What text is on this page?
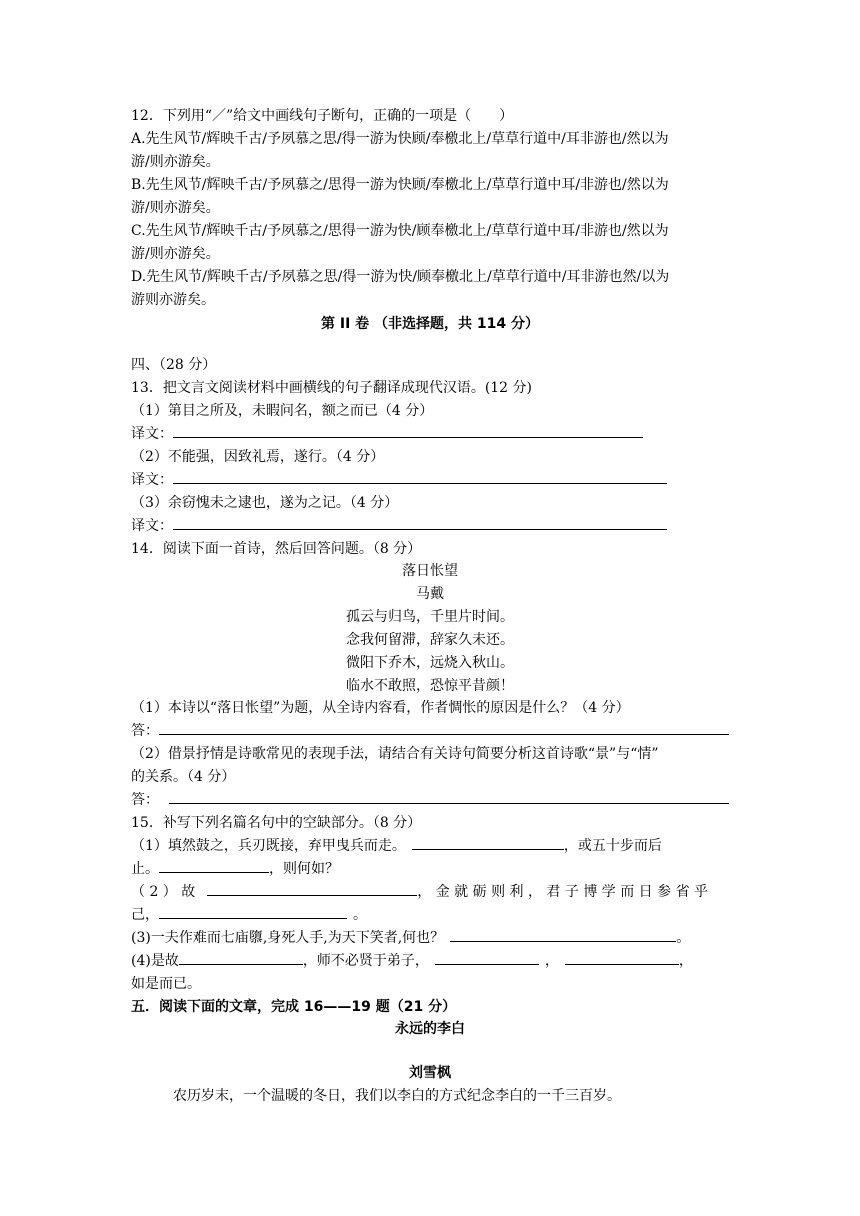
12．下列用“／”给文中画线句子断句，正确的一项是（　　）
A.先生风节/辉映千古/予夙慕之思/得一游为快顾/奉檄北上/草草行道中/耳非游也/然以为
游/则亦游矣。
B.先生风节/辉映千古/予夙慕之/思得一游为快顾/奉檄北上/草草行道中耳/非游也/然以为
游/则亦游矣。
C.先生风节/辉映千古/予夙慕之/思得一游为快/顾奉檄北上/草草行道中耳/非游也/然以为
游/则亦游矣。
D.先生风节/辉映千古/予夙慕之思/得一游为快/顾奉檄北上/草草行道中/耳非游也然/以为
游则亦游矣。
第 II 卷 （非选择题，共 114 分）
四、（28 分）
13．把文言文阅读材料中画横线的句子翻译成现代汉语。(12 分)
（1）第目之所及，未暇问名，额之而已（4 分）
译文：
（2）不能强，因致礼焉，遂行。（4 分）
译文：
（3）余窃愧未之逮也，遂为之记。（4 分）
译文：
14．阅读下面一首诗，然后回答问题。（8 分）
落日怅望
马戴
孤云与归鸟，千里片时间。
念我何留滞，辞家久未还。
微阳下乔木，远烧入秋山。
临水不敢照，恐惊平昔颜！
（1）本诗以“落日怅望”为题，从全诗内容看，作者惆怅的原因是什么？（4 分）
答：
（2）借景抒情是诗歌常见的表现手法，请结合有关诗句简要分析这首诗歌“景”与“情”
的关系。（4 分）
答：
15．补写下列名篇名句中的空缺部分。（8 分）
（1）填然鼓之，兵刃既接，弃甲曳兵而走。	，或五十步而后
止。	，则何如？
（ 2 ） 故	， 金 就 砺 则 利 ， 君 子 博 学 而 日 参 省 乎
己，	。
(3)一夫作难而七庙隳,身死人手,为天下笑者,何也？	。
(4)是故	，师不必贤于弟子，	，	，
如是而已。
五．阅读下面的文章，完成 16——19 题（21 分）
永远的李白
刘雪枫
农历岁末，一个温暖的冬日，我们以李白的方式纪念李白的一千三百岁。
